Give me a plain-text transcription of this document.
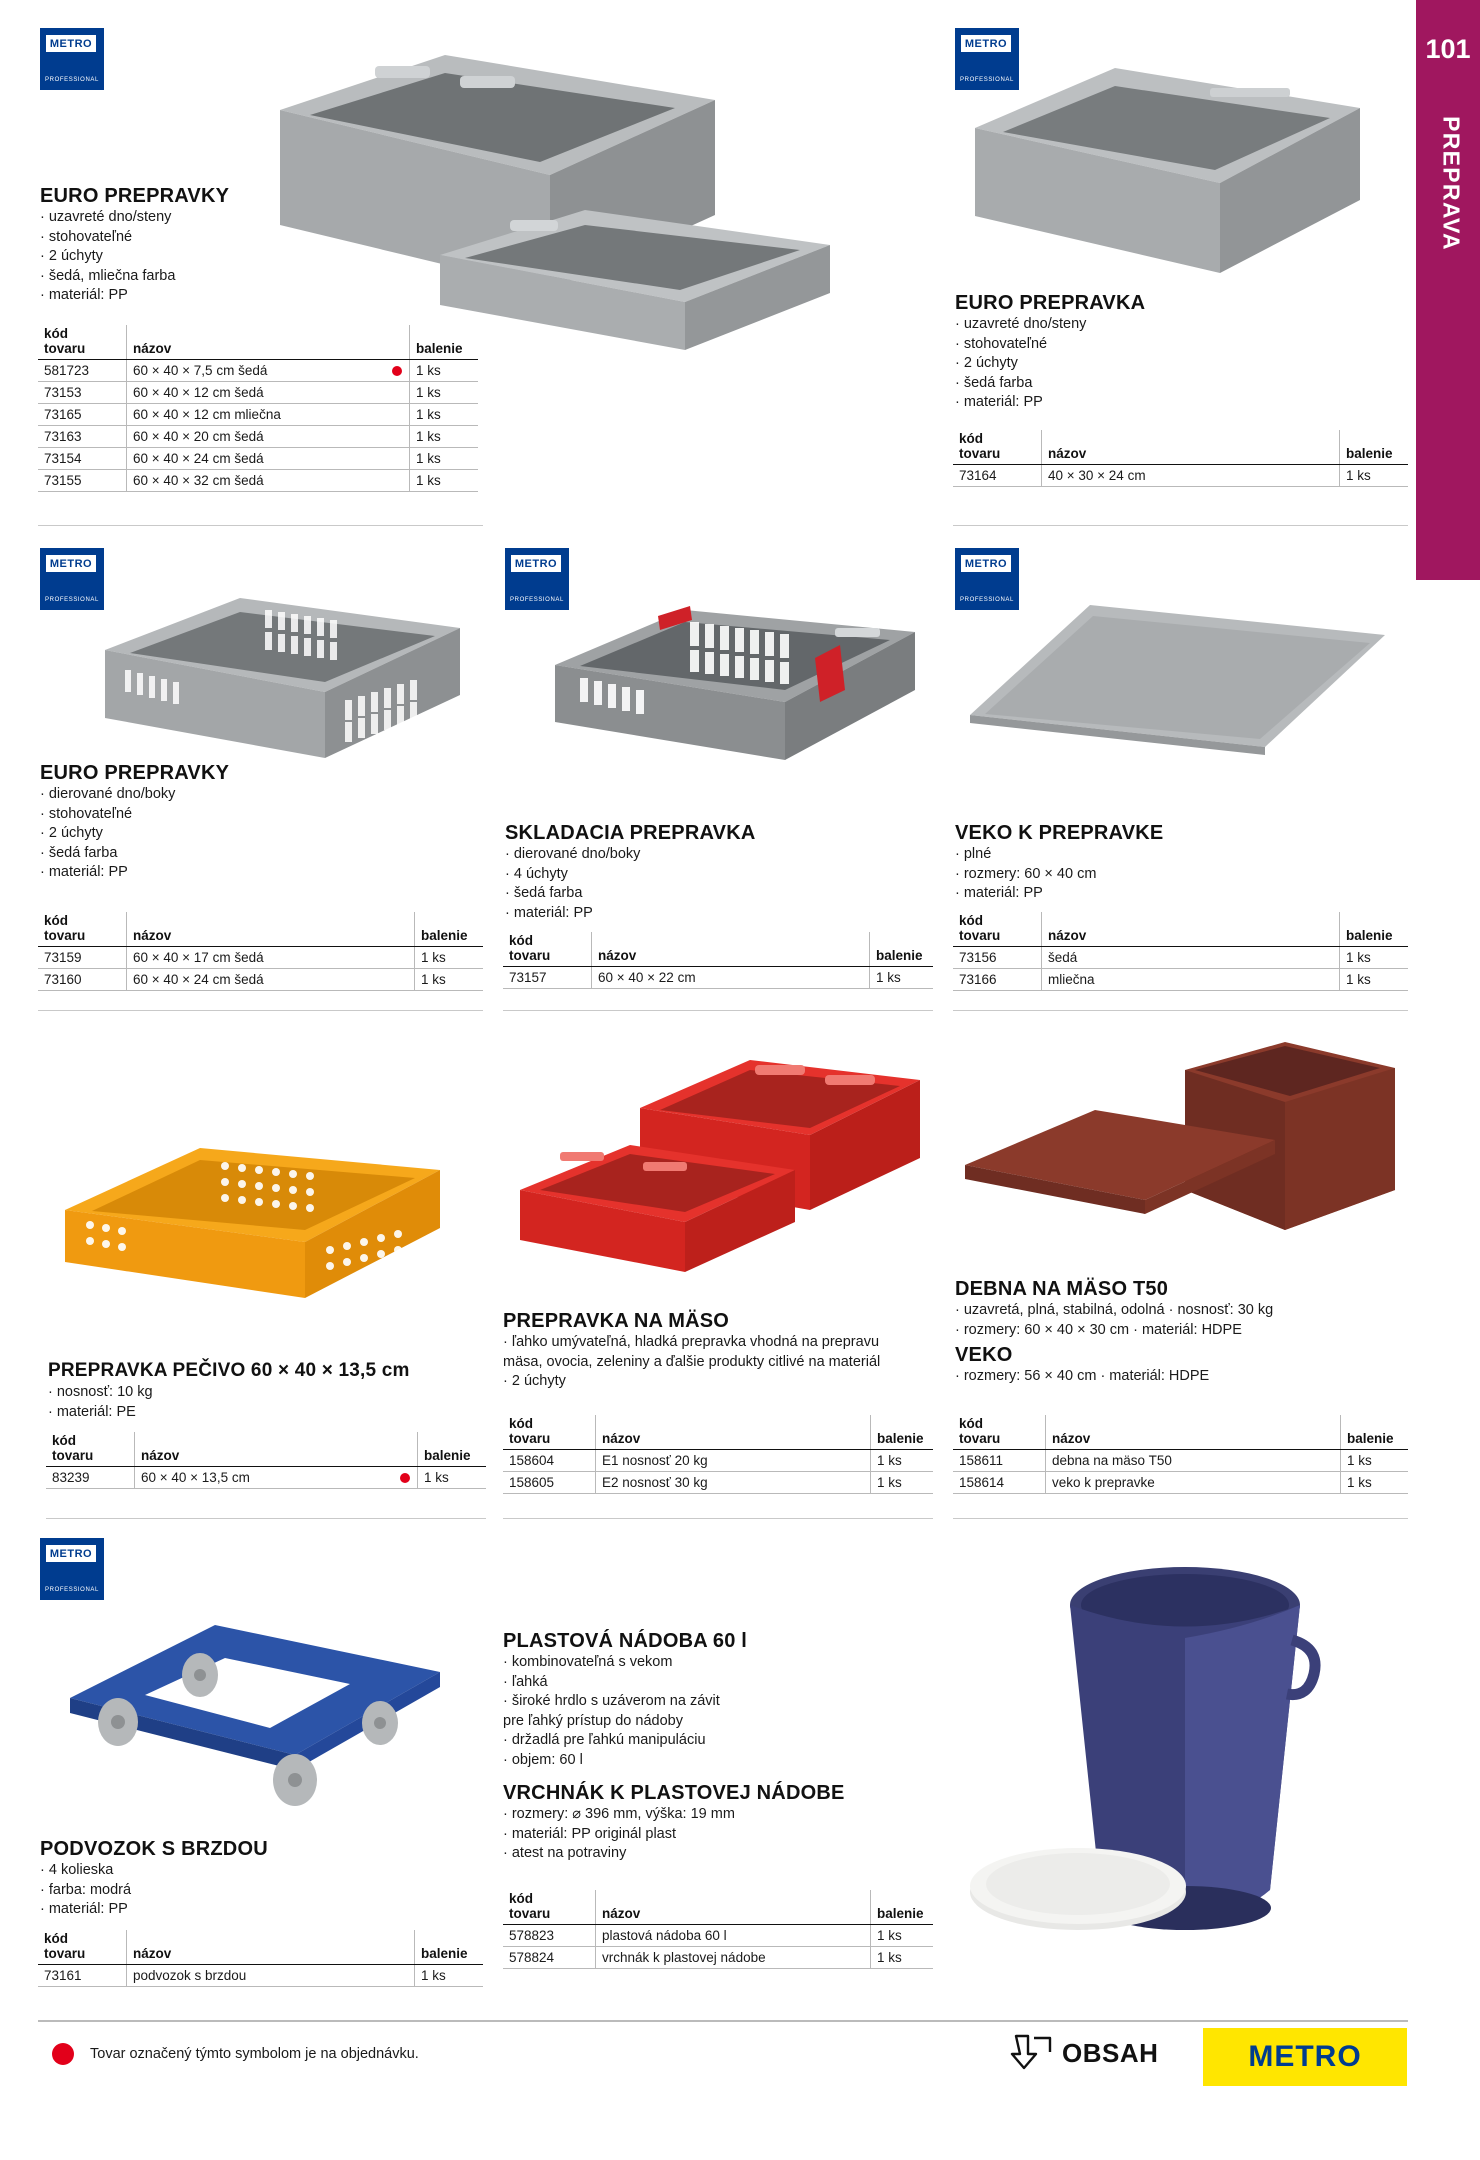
101
PREPRAVA
METRO
PROFESSIONAL
EURO PREPRAVKY
· uzavreté dno/steny
· stohovateľné
· 2 úchyty
· šedá, mliečna farba
· materiál: PP
kód
tovaru	názov	balenie
581723	60 × 40 × 7,5 cm šedá	1 ks
73153	60 × 40 × 12 cm šedá	1 ks
73165	60 × 40 × 12 cm mliečna	1 ks
73163	60 × 40 × 20 cm šedá	1 ks
73154	60 × 40 × 24 cm šedá	1 ks
73155	60 × 40 × 32 cm šedá	1 ks
METRO
PROFESSIONAL
EURO PREPRAVKA
· uzavreté dno/steny
· stohovateľné
· 2 úchyty
· šedá farba
· materiál: PP
kód
tovaru	názov	balenie
73164	40 × 30 × 24 cm	1 ks
METRO
PROFESSIONAL
EURO PREPRAVKY
· dierované dno/boky
· stohovateľné
· 2 úchyty
· šedá farba
· materiál: PP
kód
tovaru	názov	balenie
73159	60 × 40 × 17 cm šedá	1 ks
73160	60 × 40 × 24 cm šedá	1 ks
METRO
PROFESSIONAL
SKLADACIA PREPRAVKA
· dierované dno/boky
· 4 úchyty
· šedá farba
· materiál: PP
kód
tovaru	názov	balenie
73157	60 × 40 × 22 cm	1 ks
METRO
PROFESSIONAL
VEKO K PREPRAVKE
· plné
· rozmery: 60 × 40 cm
· materiál: PP
kód
tovaru	názov	balenie
73156	šedá	1 ks
73166	mliečna	1 ks
PREPRAVKA PEČIVO 60 × 40 × 13,5 cm
· nosnosť: 10 kg
· materiál: PE
kód
tovaru	názov	balenie
83239	60 × 40 × 13,5 cm	1 ks
PREPRAVKA NA MÄSO
· ľahko umývateľná, hladká prepravka vhodná na prepravu
mäsa, ovocia, zeleniny a ďalšie produkty citlivé na materiál
· 2 úchyty
kód
tovaru	názov	balenie
158604	E1 nosnosť 20 kg	1 ks
158605	E2 nosnosť 30 kg	1 ks
DEBNA NA MÄSO T50
· uzavretá, plná, stabilná, odolná · nosnosť: 30 kg
· rozmery: 60 × 40 × 30 cm · materiál: HDPE
VEKO
· rozmery: 56 × 40 cm · materiál: HDPE
kód
tovaru	názov	balenie
158611	debna na mäso T50	1 ks
158614	veko k prepravke	1 ks
METRO
PROFESSIONAL
PODVOZOK S BRZDOU
· 4 kolieska
· farba: modrá
· materiál: PP
kód
tovaru	názov	balenie
73161	podvozok s brzdou	1 ks
PLASTOVÁ NÁDOBA 60 l
· kombinovateľná s vekom
· ľahká
· široké hrdlo s uzáverom na závit
pre ľahký prístup do nádoby
· držadlá pre ľahkú manipuláciu
· objem: 60 l
VRCHNÁK K PLASTOVEJ NÁDOBE
· rozmery: ⌀ 396 mm, výška: 19 mm
· materiál: PP originál plast
· atest na potraviny
kód
tovaru	názov	balenie
578823	plastová nádoba 60 l	1 ks
578824	vrchnák k plastovej nádobe	1 ks
Tovar označený týmto symbolom je na objednávku.	OBSAH	METRO
